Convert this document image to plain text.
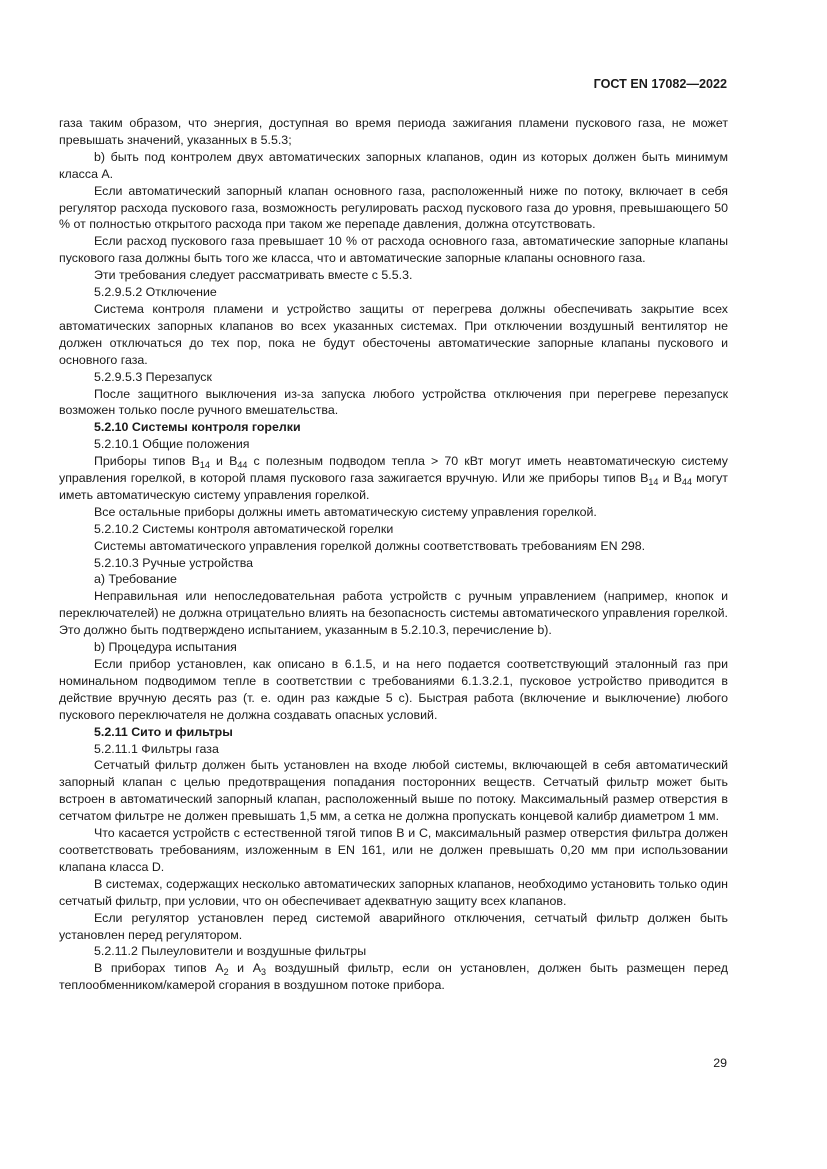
ГОСТ EN 17082—2022

газа таким образом, что энергия, доступная во время периода зажигания пламени пускового газа, не может превышать значений, указанных в 5.5.3;

b) быть под контролем двух автоматических запорных клапанов, один из которых должен быть минимум класса A.

Если автоматический запорный клапан основного газа, расположенный ниже по потоку, включает в себя регулятор расхода пускового газа, возможность регулировать расход пускового газа до уровня, превышающего 50 % от полностью открытого расхода при таком же перепаде давления, должна отсутствовать.

Если расход пускового газа превышает 10 % от расхода основного газа, автоматические запорные клапаны пускового газа должны быть того же класса, что и автоматические запорные клапаны основного газа.

Эти требования следует рассматривать вместе с 5.5.3.

5.2.9.5.2 Отключение

Система контроля пламени и устройство защиты от перегрева должны обеспечивать закрытие всех автоматических запорных клапанов во всех указанных системах. При отключении воздушный вентилятор не должен отключаться до тех пор, пока не будут обесточены автоматические запорные клапаны пускового и основного газа.

5.2.9.5.3 Перезапуск

После защитного выключения из-за запуска любого устройства отключения при перегреве перезапуск возможен только после ручного вмешательства.

5.2.10 Системы контроля горелки

5.2.10.1 Общие положения

Приборы типов $B_{14}$ и $B_{44}$ с полезным подводом тепла > 70 кВт могут иметь неавтоматическую систему управления горелкой, в которой пламя пускового газа зажигается вручную. Или же приборы типов $B_{14}$ и $B_{44}$ могут иметь автоматическую систему управления горелкой.

Все остальные приборы должны иметь автоматическую систему управления горелкой.

5.2.10.2 Системы контроля автоматической горелки

Системы автоматического управления горелкой должны соответствовать требованиям EN 298.

5.2.10.3 Ручные устройства

a) Требование

Неправильная или непоследовательная работа устройств с ручным управлением (например, кнопок и переключателей) не должна отрицательно влиять на безопасность системы автоматического управления горелкой. Это должно быть подтверждено испытанием, указанным в 5.2.10.3, перечисление b).

b) Процедура испытания

Если прибор установлен, как описано в 6.1.5, и на него подается соответствующий эталонный газ при номинальном подводимом тепле в соответствии с требованиями 6.1.3.2.1, пусковое устройство приводится в действие вручную десять раз (т. е. один раз каждые 5 с). Быстрая работа (включение и выключение) любого пускового переключателя не должна создавать опасных условий.

5.2.11 Сито и фильтры

5.2.11.1 Фильтры газа

Сетчатый фильтр должен быть установлен на входе любой системы, включающей в себя автоматический запорный клапан с целью предотвращения попадания посторонних веществ. Сетчатый фильтр может быть встроен в автоматический запорный клапан, расположенный выше по потоку. Максимальный размер отверстия в сетчатом фильтре не должен превышать 1,5 мм, а сетка не должна пропускать концевой калибр диаметром 1 мм.

Что касается устройств с естественной тягой типов B и C, максимальный размер отверстия фильтра должен соответствовать требованиям, изложенным в EN 161, или не должен превышать 0,20 мм при использовании клапана класса D.

В системах, содержащих несколько автоматических запорных клапанов, необходимо установить только один сетчатый фильтр, при условии, что он обеспечивает адекватную защиту всех клапанов.

Если регулятор установлен перед системой аварийного отключения, сетчатый фильтр должен быть установлен перед регулятором.

5.2.11.2 Пылеуловители и воздушные фильтры

В приборах типов $A_2$ и $A_3$ воздушный фильтр, если он установлен, должен быть размещен перед теплообменником/камерой сгорания в воздушном потоке прибора.

29
